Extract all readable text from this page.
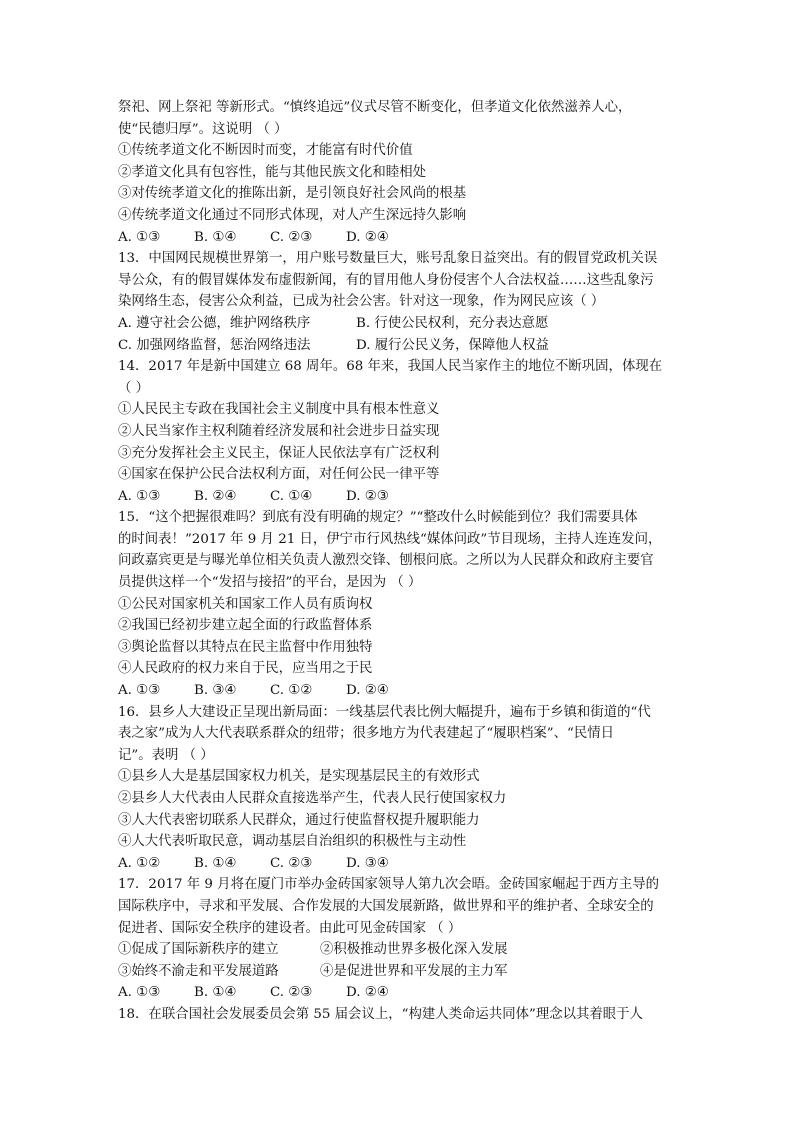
祭祀、网上祭祀 等新形式。“慎终追远”仪式尽管不断变化，但孝道文化依然滋养人心，
使“民德归厚”。这说明 （ ）
①传统孝道文化不断因时而变，才能富有时代价值
②孝道文化具有包容性，能与其他民族文化和睦相处
③对传统孝道文化的推陈出新，是引领良好社会风尚的根基
④传统孝道文化通过不同形式体现，对人产生深远持久影响
A. ①③	B. ①④	C. ②③	D. ②④
13．中国网民规模世界第一，用户账号数量巨大，账号乱象日益突出。有的假冒党政机关误
导公众，有的假冒媒体发布虚假新闻，有的冒用他人身份侵害个人合法权益……这些乱象污
染网络生态，侵害公众利益，已成为社会公害。针对这一现象，作为网民应该（ ）
A. 遵守社会公德，维护网络秩序	B. 行使公民权利，充分表达意愿
C. 加强网络监督，惩治网络违法	D. 履行公民义务，保障他人权益
14．2017 年是新中国建立 68 周年。68 年来，我国人民当家作主的地位不断巩固，体现在
（ ）
①人民民主专政在我国社会主义制度中具有根本性意义
②人民当家作主权利随着经济发展和社会进步日益实现
③充分发挥社会主义民主，保证人民依法享有广泛权利
④国家在保护公民合法权利方面，对任何公民一律平等
A. ①③	B. ②④	C. ①④	D. ②③
15．“这个把握很难吗？到底有没有明确的规定？”“整改什么时候能到位？我们需要具体
的时间表！”2017 年 9 月 21 日，伊宁市行风热线“媒体问政”节目现场，主持人连连发问，
问政嘉宾更是与曝光单位相关负责人激烈交锋、刨根问底。之所以为人民群众和政府主要官
员提供这样一个“发招与接招”的平台，是因为 （ ）
①公民对国家机关和国家工作人员有质询权
②我国已经初步建立起全面的行政监督体系
③舆论监督以其特点在民主监督中作用独特
④人民政府的权力来自于民，应当用之于民
A. ①③	B. ③④	C. ①②	D. ②④
16．县乡人大建设正呈现出新局面：一线基层代表比例大幅提升，遍布于乡镇和街道的“代
表之家”成为人大代表联系群众的纽带；很多地方为代表建起了“履职档案”、“民情日
记”。表明 （ ）
①县乡人大是基层国家权力机关，是实现基层民主的有效形式
②县乡人大代表由人民群众直接选举产生，代表人民行使国家权力
③人大代表密切联系人民群众，通过行使监督权提升履职能力
④人大代表听取民意，调动基层自治组织的积极性与主动性
A. ①②	B. ①④	C. ②③	D. ③④
17．2017 年 9 月将在厦门市举办金砖国家领导人第九次会晤。金砖国家崛起于西方主导的
国际秩序中，寻求和平发展、合作发展的大国发展新路，做世界和平的维护者、全球安全的
促进者、国际安全秩序的建设者。由此可见金砖国家 （ ）
①促成了国际新秩序的建立	②积极推动世界多极化深入发展
③始终不渝走和平发展道路	④是促进世界和平发展的主力军
A. ①③	B. ①④	C. ②③	D. ②④
18．在联合国社会发展委员会第 55 届会议上，“构建人类命运共同体”理念以其着眼于人
